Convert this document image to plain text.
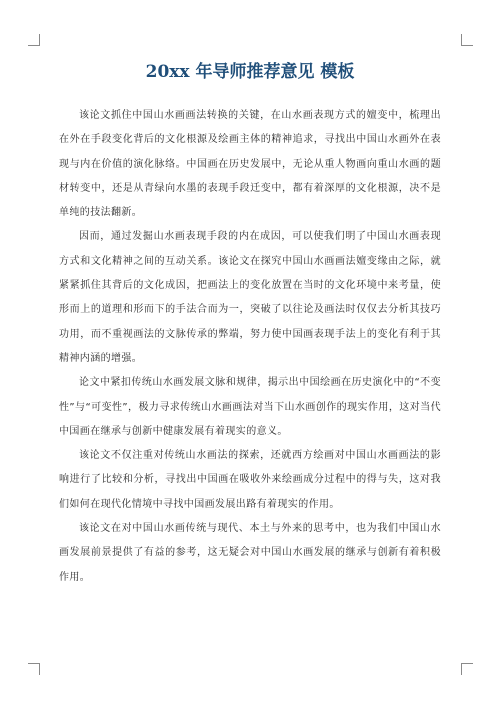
20xx 年导师推荐意见 模板

该论文抓住中国山水画画法转换的关键，在山水画表现方式的嬗变中，梳理出在外在手段变化背后的文化根源及绘画主体的精神追求，寻找出中国山水画外在表现与内在价值的演化脉络。中国画在历史发展中，无论从重人物画向重山水画的题材转变中，还是从青绿向水墨的表现手段迁变中，都有着深厚的文化根源，决不是单纯的技法翻新。

因而，通过发掘山水画表现手段的内在成因，可以使我们明了中国山水画表现方式和文化精神之间的互动关系。该论文在探究中国山水画画法嬗变缘由之际，就紧紧抓住其背后的文化成因，把画法上的变化放置在当时的文化环境中来考量，使形而上的道理和形而下的手法合而为一，突破了以往论及画法时仅仅去分析其技巧功用，而不重视画法的文脉传承的弊端，努力使中国画表现手法上的变化有利于其精神内涵的增强。

论文中紧扣传统山水画发展文脉和规律，揭示出中国绘画在历史演化中的“不变性”与“可变性”，极力寻求传统山水画画法对当下山水画创作的现实作用，这对当代中国画在继承与创新中健康发展有着现实的意义。

该论文不仅注重对传统山水画法的探索，还就西方绘画对中国山水画画法的影响进行了比较和分析，寻找出中国画在吸收外来绘画成分过程中的得与失，这对我们如何在现代化情境中寻找中国画发展出路有着现实的作用。

该论文在对中国山水画传统与现代、本土与外来的思考中，也为我们中国山水画发展前景提供了有益的参考，这无疑会对中国山水画发展的继承与创新有着积极作用。
